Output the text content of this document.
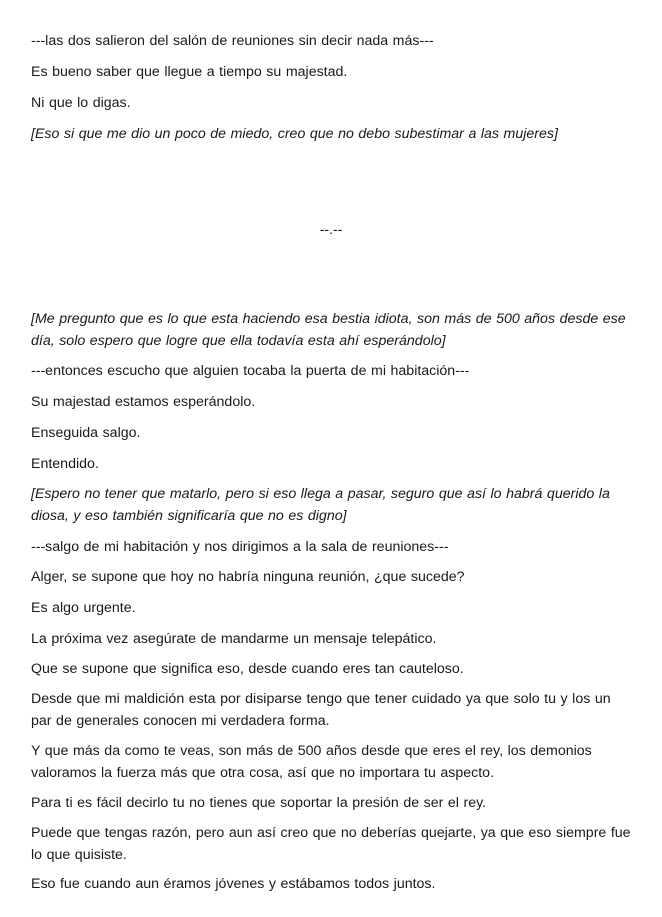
---las dos salieron del salón de reuniones sin decir nada más---

Es bueno saber que llegue a tiempo su majestad.

Ni que lo digas.

[Eso si que me dio un poco de miedo, creo que no debo subestimar a las mujeres]

--.--

[Me pregunto que es lo que esta haciendo esa bestia idiota, son más de 500 años desde ese día, solo espero que logre que ella todavía esta ahí esperándolo]

---entonces escucho que alguien tocaba la puerta de mi habitación---

Su majestad estamos esperándolo.

Enseguida salgo.

Entendido.

[Espero no tener que matarlo, pero si eso llega a pasar, seguro que así lo habrá querido la diosa, y eso también significaría que no es digno]

---salgo de mi habitación y nos dirigimos a la sala de reuniones---

Alger, se supone que hoy no habría ninguna reunión, ¿que sucede?

Es algo urgente.

La próxima vez asegúrate de mandarme un mensaje telepático.

Que se supone que significa eso, desde cuando eres tan cauteloso.

Desde que mi maldición esta por disiparse tengo que tener cuidado ya que solo tu y los un par de generales conocen mi verdadera forma.

Y que más da como te veas, son más de 500 años desde que eres el rey, los demonios valoramos la fuerza más que otra cosa, así que no importara tu aspecto.

Para ti es fácil decirlo tu no tienes que soportar la presión de ser el rey.

Puede que tengas razón, pero aun así creo que no deberías quejarte, ya que eso siempre fue lo que quisiste.

Eso fue cuando aun éramos jóvenes y estábamos todos juntos.
